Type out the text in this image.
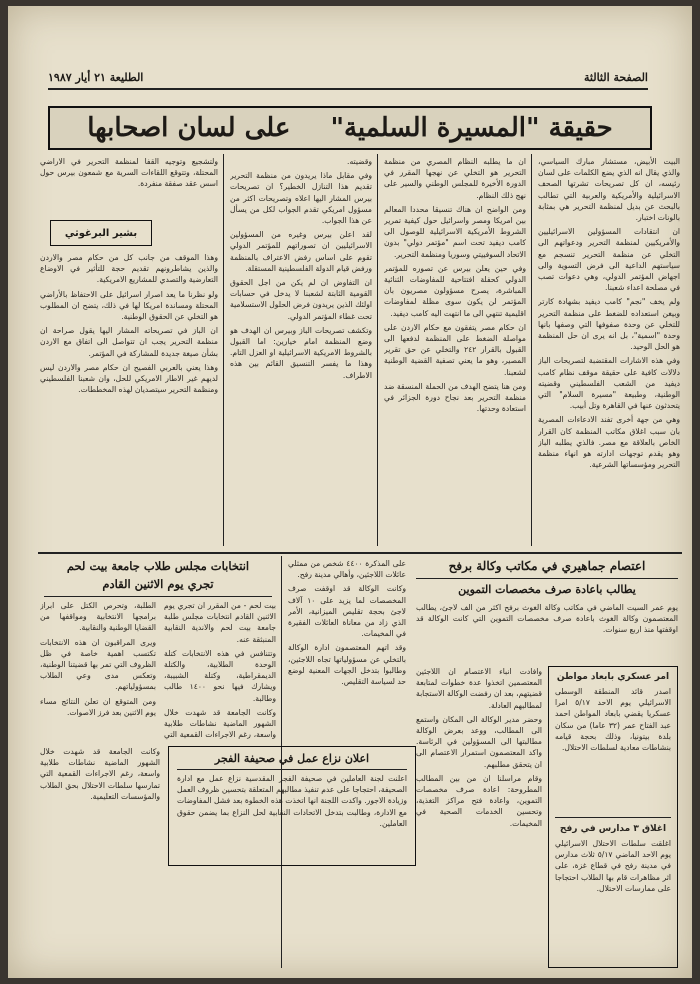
الصفحة الثالثة
الطليعة ٢١ أيار ١٩٨٧
حقيقة "المسيرة السلمية"
على لسان اصحابها

البيت الأبيض، مستشار مبارك السياسي، والذي يقال انه الذي يضع الكلمات على لسان رئيسه، ان كل تصريحات تشرتها الصحف الاسرائيلية والأمريكية والعربية التي تطالب بالبحث عن بديل لمنظمة التحرير هي بمثابة بالونات اختبار.

ان انتقادات المسؤولين الاسرائيليين والأمريكيين لمنظمة التحرير ودعواتهم الى التخلي عن منظمة التحرير تنسجم مع سياستهم الداعية الى فرض التسوية والى اجهاض المؤتمر الدولي، وهي دعوات تصب في مصلحة اعداء شعبنا.

ولم يخف "نجم" كامب ديفيد بشهادة كارتر وبيغن استعداده للضغط على منظمة التحرير للتخلي عن وحدة صفوفها التي وصفها بانها وحدة "اسمية"، بل انه يرى ان حل المنظمة هو الحل الوحيد.

وفي هذه الاشارات المقتضبة لتصريحات الباز دلالات كافية على حقيقة موقف نظام كامب ديفيد من الشعب الفلسطيني وقضيته الوطنية، وطبيعة "مسيرة السلام" التي يتحدثون عنها في القاهرة وتل أبيب.

وهي من جهة أخرى تفند الادعاءات المصرية بان سبب اغلاق مكاتب المنظمة كان القرار الخاص بالعلاقة مع مصر. فالذي يطلبه الباز وهو يقدم توجهات ادارته هو انهاء منظمة التحرير ومؤسساتها الشرعية.

ان ما يطلبه النظام المصري من منظمة التحرير هو التخلي عن نهجها المقرر في الدورة الأخيرة للمجلس الوطني والسير على نهج ذلك النظام.

ومن الواضح ان هناك تنسيقا محددا المعالم بين امريكا ومصر واسرائيل حول كيفية تمرير الشروط الأمريكية الاسرائيلية للوصول الى كامب ديفيد تحت اسم "مؤتمر دولي" بدون الاتحاد السوفييتي وسوريا ومنظمة التحرير.

وفي حين يعلن بيرس عن تصوره للمؤتمر الدولي كحفلة افتتاحية للمفاوضات الثنائية المباشرة، يصرح مسؤولون مصريون بان المؤتمر لن يكون سوى مظلة لمفاوضات اقليمية تنتهي الى ما انتهت اليه كامب ديفيد.

ان حكام مصر يتفقون مع حكام الاردن على مواصلة الضغط على المنظمة لدفعها الى القبول بالقرار ٢٤٢ والتخلي عن حق تقرير المصير، وهو ما يعني تصفية القضية الوطنية لشعبنا.

ومن هنا يتضح الهدف من الحملة المنسقة ضد منظمة التحرير بعد نجاح دورة الجزائر في استعادة وحدتها.

وقضيته.

وفي مقابل ماذا يريدون من منظمة التحرير تقديم هذا التنازل الخطير؟ ان تصريحات بيرس المشار اليها اعلاه وتصريحات اكثر من مسؤول امريكي تقدم الجواب لكل من يسأل عن هذا الجواب.

لقد اعلن بيرس وغيره من المسؤولين الاسرائيليين ان تصوراتهم للمؤتمر الدولي تقوم على اساس رفض الاعتراف بالمنظمة ورفض قيام الدولة الفلسطينية المستقلة.

ان التفاوض ان لم يكن من اجل الحقوق القومية الثابتة لشعبنا لا يدخل في حسابات اولئك الذين يريدون فرض الحلول الاستسلامية تحت غطاء المؤتمر الدولي.

وتكشف تصريحات الباز وبيرس ان الهدف هو وضع المنظمة امام خيارين: اما القبول بالشروط الامريكية الاسرائيلية او العزل التام. وهذا ما يفسر التنسيق القائم بين هذه الاطراف.

ولتشجيع وتوجيه القفا لمنظمة التحرير في الاراضي المحتلة، وتتوقع اللقاءات السرية مع شمعون بيرس حول اسس عقد صفقة منفردة.

بشير البرغوثي

وهذا الموقف من جانب كل من حكام مصر والاردن والذين يشاطرونهم تقديم حجة للتأثير في الاوضاع التعارضية والتصدي للمشاريع الامريكية.

ولو نظرنا ما يعد اصرار اسرائيل على الاحتفاظ بالأراضي المحتلة ومساندة امريكا لها في ذلك، يتضح ان المطلوب هو التخلي عن الحقوق الوطنية.

ان الباز في تصريحاته المشار اليها يقول صراحة ان منظمة التحرير يجب ان تتواصل الى اتفاق مع الاردن بشأن صيغة جديدة للمشاركة في المؤتمر.

وهذا يعني بالعربي الفصيح ان حكام مصر والاردن ليس لديهم غير الاطار الامريكي للحل، وان شعبنا الفلسطيني ومنظمة التحرير سيتصديان لهذه المخططات.

اعتصام جماهيري في مكاتب وكالة برفح
يطالب باعادة صرف مخصصات التموين

يوم عمر السيت الماضي في مكاتب وكالة الغوث برفح اكثر من الف لاجئ، يطالب المعتصمون وكالة الغوث باعادة صرف مخصصات التموين التي كانت الوكالة قد اوقفتها منذ اربع سنوات.

امر عسكري بابعاد مواطن

اصدر قائد المنطقة الوسطى الاسرائيلي يوم الاحد ٥/١٧ امرا عسكريا يقضي بابعاد المواطن احمد عبد الفتاح عمر (٣٢ عاما) من سكان بلدة بيتونيا، وذلك بحجة قيامه بنشاطات معادية لسلطات الاحتلال.

اغلاق ٣ مدارس في رفح

اغلقت سلطات الاحتلال الاسرائيلي يوم الاحد الماضي ٥/١٧ ثلاث مدارس في مدينة رفح في قطاع غزة، على اثر مظاهرات قام بها الطلاب احتجاجا على ممارسات الاحتلال.

وافادت انباء الاعتصام ان اللاجئين المعتصمين اتخذوا عدة خطوات لمتابعة قضيتهم، بعد ان رفضت الوكالة الاستجابة لمطالبهم العادلة.

وحضر مدير الوكالة الى المكان واستمع الى المطالب، ووعد بعرض الوكالة مطالبتها الى المسؤولين في الرئاسة. واكد المعتصمون استمرار الاعتصام الى ان يتحقق مطلبهم.

وقام مراسلنا ان من بين المطالب المطروحة: اعادة صرف مخصصات التموين، واعادة فتح مراكز التغذية، وتحسين الخدمات الصحية في المخيمات.

على المذكرة ٤٤٠٠ شخص من ممثلي عائلات اللاجئين، وأهالي مدينة رفح.

وكانت الوكالة قد اوقفت صرف المخصصات لما يزيد على ١٠ آلاف لاجئ بحجة تقليص الميزانية، الأمر الذي زاد من معاناة العائلات الفقيرة في المخيمات.

وقد اتهم المعتصمون ادارة الوكالة بالتخلي عن مسؤولياتها تجاه اللاجئين، وطالبوا بتدخل الجهات المعنية لوضع حد لسياسة التقليص.

انتخابات مجلس طلاب جامعة بيت لحم
تجري يوم الاثنين القادم

بيت لحم - من المقرر ان تجري يوم الاثنين القادم انتخابات مجلس طلبة جامعة بيت لحم والاندية النقابية المنبثقة عنه.

وتتنافس في هذه الانتخابات كتلة الوحدة الطلابية، والكتلة الديمقراطية، وكتلة الشبيبة، ويشارك فيها نحو ١٤٠٠ طالب وطالبة.

وكانت الجامعة قد شهدت خلال الشهور الماضية نشاطات طلابية واسعة، رغم الاجراءات القمعية التي

الطلبة، وتحرص الكتل على ابراز برامجها الانتخابية ومواقفها من القضايا الوطنية والنقابية.

ويرى المراقبون ان هذه الانتخابات تكتسب اهمية خاصة في ظل الظروف التي تمر بها قضيتنا الوطنية، وتعكس مدى وعي الطلاب بمسؤولياتهم.

ومن المتوقع ان تعلن النتائج مساء يوم الاثنين بعد فرز الاصوات.

اعلان نزاع عمل في صحيفة الفجر

اعلنت لجنة العاملين في صحيفة الفجر المقدسية نزاع عمل مع ادارة الصحيفة، احتجاجا على عدم تنفيذ مطالبهم المتعلقة بتحسين ظروف العمل وزيادة الاجور. واكدت اللجنة انها اتخذت هذه الخطوة بعد فشل المفاوضات مع الادارة، وطالبت بتدخل الاتحادات النقابية لحل النزاع بما يضمن حقوق العاملين.

وكانت الجامعة قد شهدت خلال الشهور الماضية نشاطات طلابية واسعة، رغم الاجراءات القمعية التي تمارسها سلطات الاحتلال بحق الطلاب والمؤسسات التعليمية.
